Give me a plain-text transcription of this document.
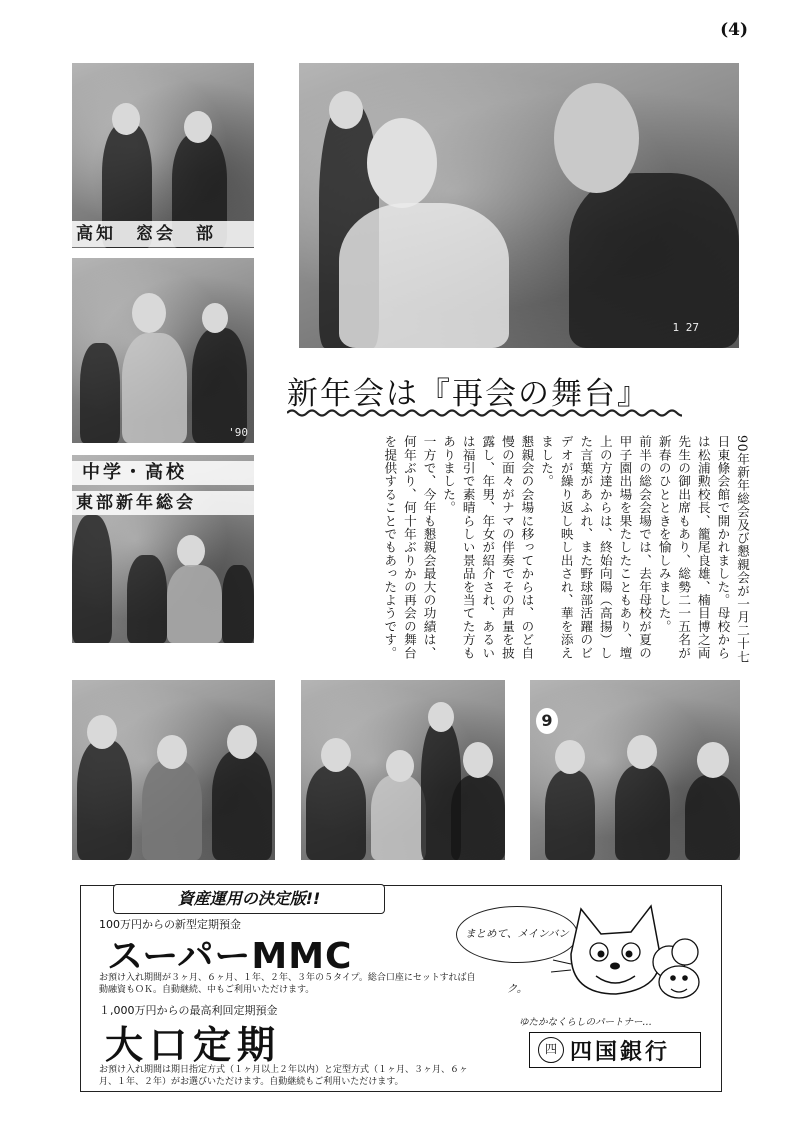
(4)
高知　窓会　部
1 27
'90
中学・高校
東部新年総会
新年会は『再会の舞台』

90年新年総会及び懇親会が一月二十七日東條会館で開かれました。母校からは松浦勲校長、籠尾良雄、楠目博之両先生の御出席もあり、総勢二一五名が新春のひとときを愉しみました。

前半の総会会場では、去年母校が夏の甲子園出場を果たしたこともあり、壇上の方達からは、終始向陽（高揚）した言葉があふれ、また野球部活躍のビデオが繰り返し映し出され、華を添えました。

懇親会の会場に移ってからは、のど自慢の面々がナマの伴奏でその声量を披露し、年男、年女が紹介され、あるいは福引で素晴らしい景品を当てた方もありました。

一方で、今年も懇親会最大の功績は、何年ぶり、何十年ぶりかの再会の舞台を提供することでもあったようです。

9
資産運用の決定版!!
100万円からの新型定期預金
スーパーMMC
お預け入れ期間が３ヶ月、６ヶ月、１年、２年、３年の５タイプ。総合口座にセットすれば自動融資もＯＫ。自動継続、中もご利用いただけます。
１,000万円からの最高利回定期預金
大口定期
お預け入れ期間は期日指定方式（１ヶ月以上２年以内）と定型方式（１ヶ月、３ヶ月、６ヶ月、１年、２年）がお選びいただけます。自動継続もご利用いただけます。
まとめて、メインバンク。
ゆたかなくらしのパートナー…
四 四国銀行
